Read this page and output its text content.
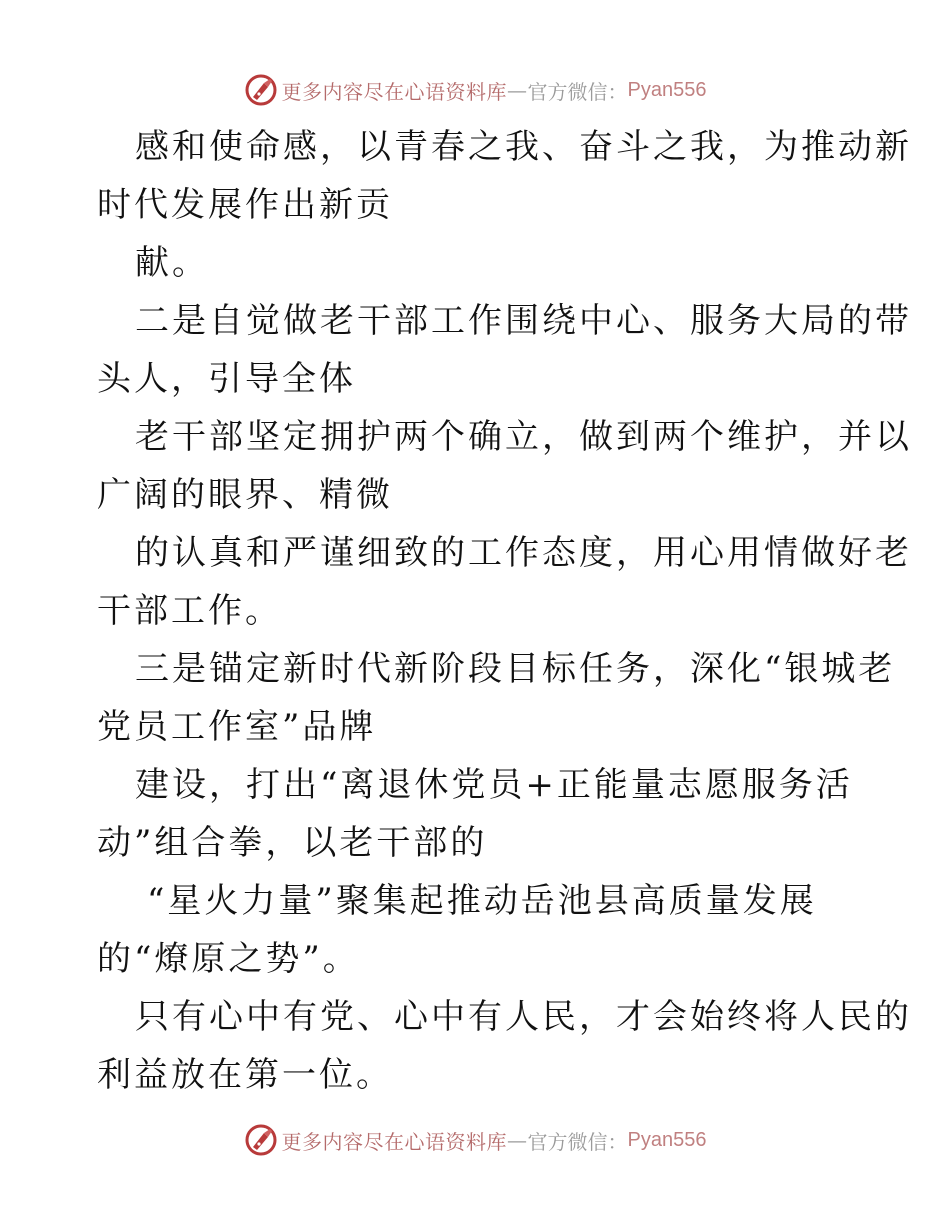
更多内容尽在心语资料库 — 官方微信： Pyan556

感和使命感，以青春之我、奋斗之我，为推动新
时代发展作出新贡
献。
二是自觉做老干部工作围绕中心、服务大局的带
头人，引导全体
老干部坚定拥护两个确立，做到两个维护，并以
广阔的眼界、精微
的认真和严谨细致的工作态度，用心用情做好老
干部工作。
三是锚定新时代新阶段目标任务，深化“银城老
党员工作室”品牌
建设，打出“离退休党员+正能量志愿服务活
动”组合拳，以老干部的
“星火力量”聚集起推动岳池县高质量发展
的“燎原之势”。
只有心中有党、心中有人民，才会始终将人民的
利益放在第一位。

更多内容尽在心语资料库 — 官方微信： Pyan556
